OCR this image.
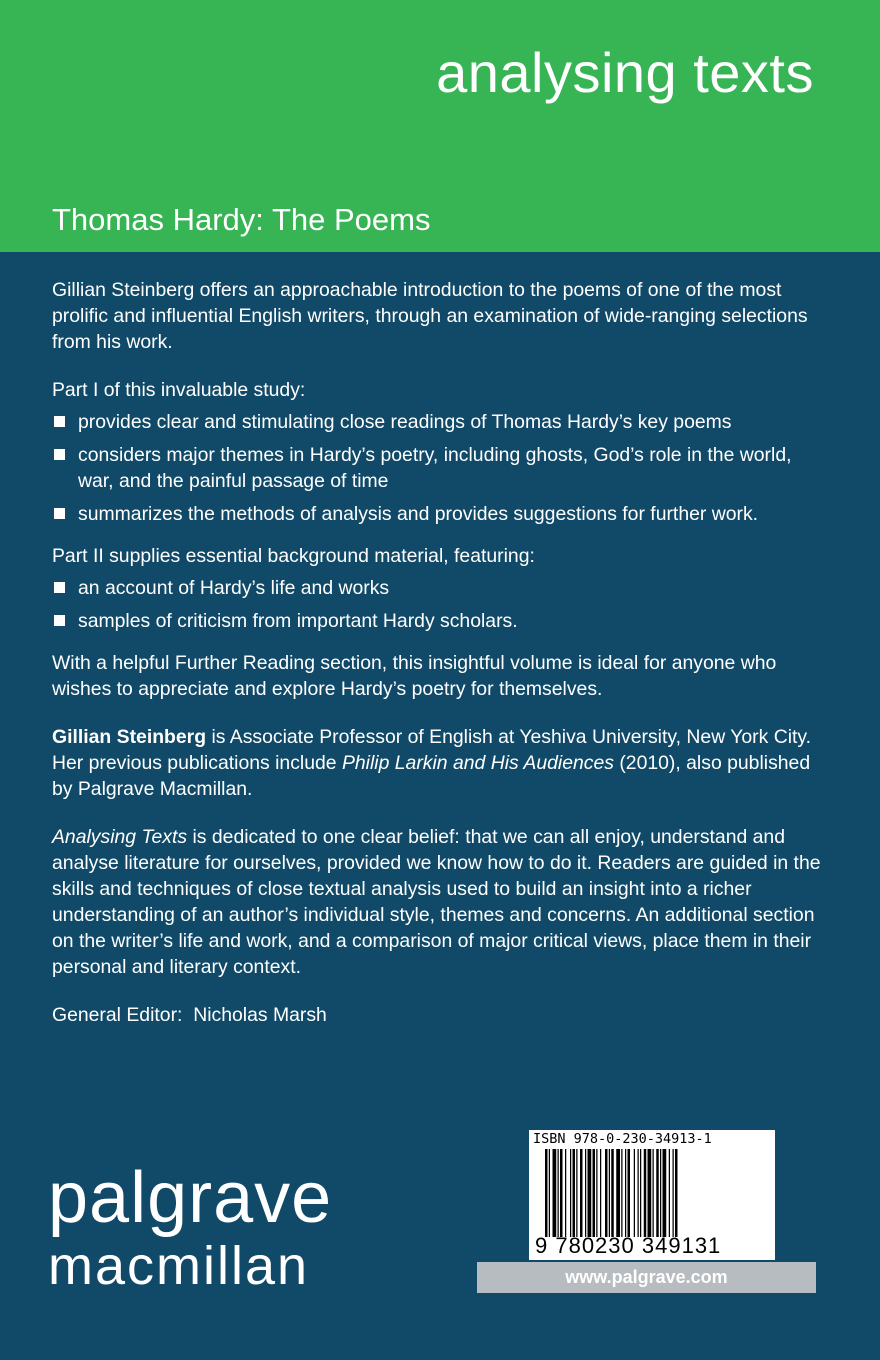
analysing texts
Thomas Hardy: The Poems

Gillian Steinberg offers an approachable introduction to the poems of one of the most prolific and influential English writers, through an examination of wide-ranging selections from his work.

Part I of this invaluable study:

provides clear and stimulating close readings of Thomas Hardy’s key poems
considers major themes in Hardy’s poetry, including ghosts, God’s role in the world, war, and the painful passage of time
summarizes the methods of analysis and provides suggestions for further work.

Part II supplies essential background material, featuring:

an account of Hardy’s life and works
samples of criticism from important Hardy scholars.

With a helpful Further Reading section, this insightful volume is ideal for anyone who wishes to appreciate and explore Hardy’s poetry for themselves.

Gillian Steinberg is Associate Professor of English at Yeshiva University, New York City. Her previous publications include Philip Larkin and His Audiences (2010), also published by Palgrave Macmillan.

Analysing Texts is dedicated to one clear belief: that we can all enjoy, understand and analyse literature for ourselves, provided we know how to do it. Readers are guided in the skills and techniques of close textual analysis used to build an insight into a richer understanding of an author’s individual style, themes and concerns. An additional section on the writer’s life and work, and a comparison of major critical views, place them in their personal and literary context.

General Editor:  Nicholas Marsh

palgrave
macmillan
ISBN 978-0-230-34913-1
9 780230 349131
www.palgrave.com
